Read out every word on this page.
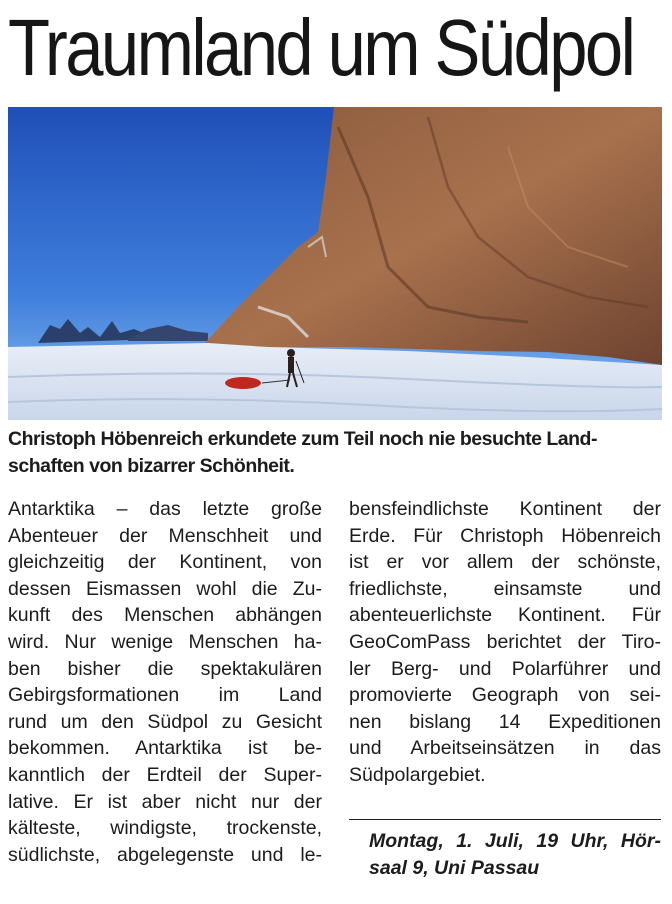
Traumland um Südpol
Christoph Höbenreich erkundete zum Teil noch nie besuchte Land-
schaften von bizarrer Schönheit.
Antarktika – das letzte große
Abenteuer der Menschheit und
gleichzeitig der Kontinent, von
dessen Eismassen wohl die Zu-
kunft des Menschen abhängen
wird. Nur wenige Menschen ha-
ben bisher die spektakulären
Gebirgsformationen im Land
rund um den Südpol zu Gesicht
bekommen. Antarktika ist be-
kanntlich der Erdteil der Super-
lative. Er ist aber nicht nur der
kälteste, windigste, trockenste,
südlichste, abgelegenste und le-
bensfeindlichste Kontinent der
Erde. Für Christoph Höbenreich
ist er vor allem der schönste,
friedlichste, einsamste und
abenteuerlichste Kontinent. Für
GeoComPass berichtet der Tiro-
ler Berg- und Polarführer und
promovierte Geograph von sei-
nen bislang 14 Expeditionen
und Arbeitseinsätzen in das
Südpolargebiet.
Montag, 1. Juli, 19 Uhr, Hör-
saal 9, Uni Passau
